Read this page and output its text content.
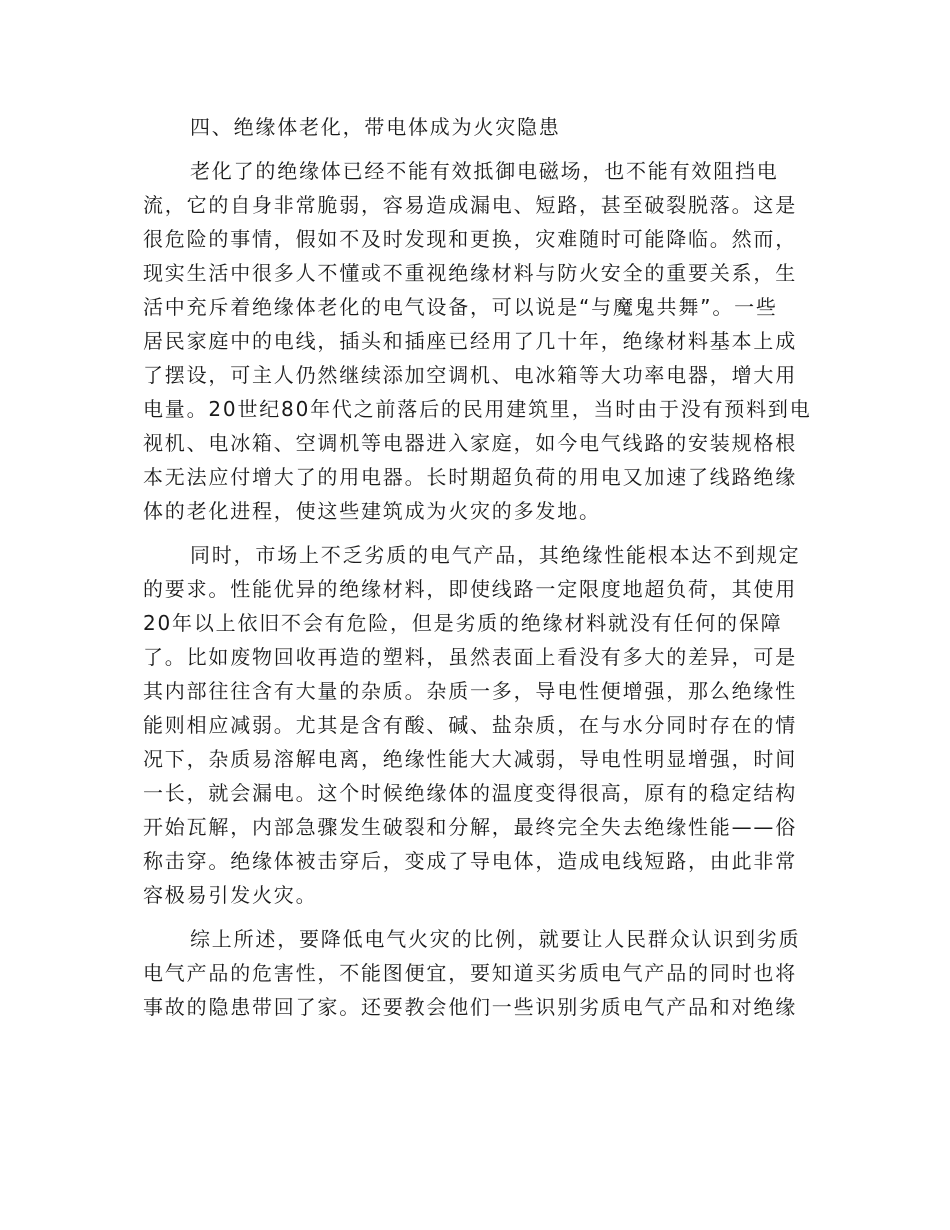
四、绝缘体老化，带电体成为火灾隐患
老化了的绝缘体已经不能有效抵御电磁场，也不能有效阻挡电
流，它的自身非常脆弱，容易造成漏电、短路，甚至破裂脱落。这是
很危险的事情，假如不及时发现和更换，灾难随时可能降临。然而，
现实生活中很多人不懂或不重视绝缘材料与防火安全的重要关系，生
活中充斥着绝缘体老化的电气设备，可以说是“与魔鬼共舞”。一些
居民家庭中的电线，插头和插座已经用了几十年，绝缘材料基本上成
了摆设，可主人仍然继续添加空调机、电冰箱等大功率电器，增大用
电量。20世纪80年代之前落后的民用建筑里，当时由于没有预料到电
视机、电冰箱、空调机等电器进入家庭，如今电气线路的安装规格根
本无法应付增大了的用电器。长时期超负荷的用电又加速了线路绝缘
体的老化进程，使这些建筑成为火灾的多发地。
同时，市场上不乏劣质的电气产品，其绝缘性能根本达不到规定
的要求。性能优异的绝缘材料，即使线路一定限度地超负荷，其使用
20年以上依旧不会有危险，但是劣质的绝缘材料就没有任何的保障
了。比如废物回收再造的塑料，虽然表面上看没有多大的差异，可是
其内部往往含有大量的杂质。杂质一多，导电性便增强，那么绝缘性
能则相应减弱。尤其是含有酸、碱、盐杂质，在与水分同时存在的情
况下，杂质易溶解电离，绝缘性能大大减弱，导电性明显增强，时间
一长，就会漏电。这个时候绝缘体的温度变得很高，原有的稳定结构
开始瓦解，内部急骤发生破裂和分解，最终完全失去绝缘性能——俗
称击穿。绝缘体被击穿后，变成了导电体，造成电线短路，由此非常
容极易引发火灾。
综上所述，要降低电气火灾的比例，就要让人民群众认识到劣质
电气产品的危害性，不能图便宜，要知道买劣质电气产品的同时也将
事故的隐患带回了家。还要教会他们一些识别劣质电气产品和对绝缘
